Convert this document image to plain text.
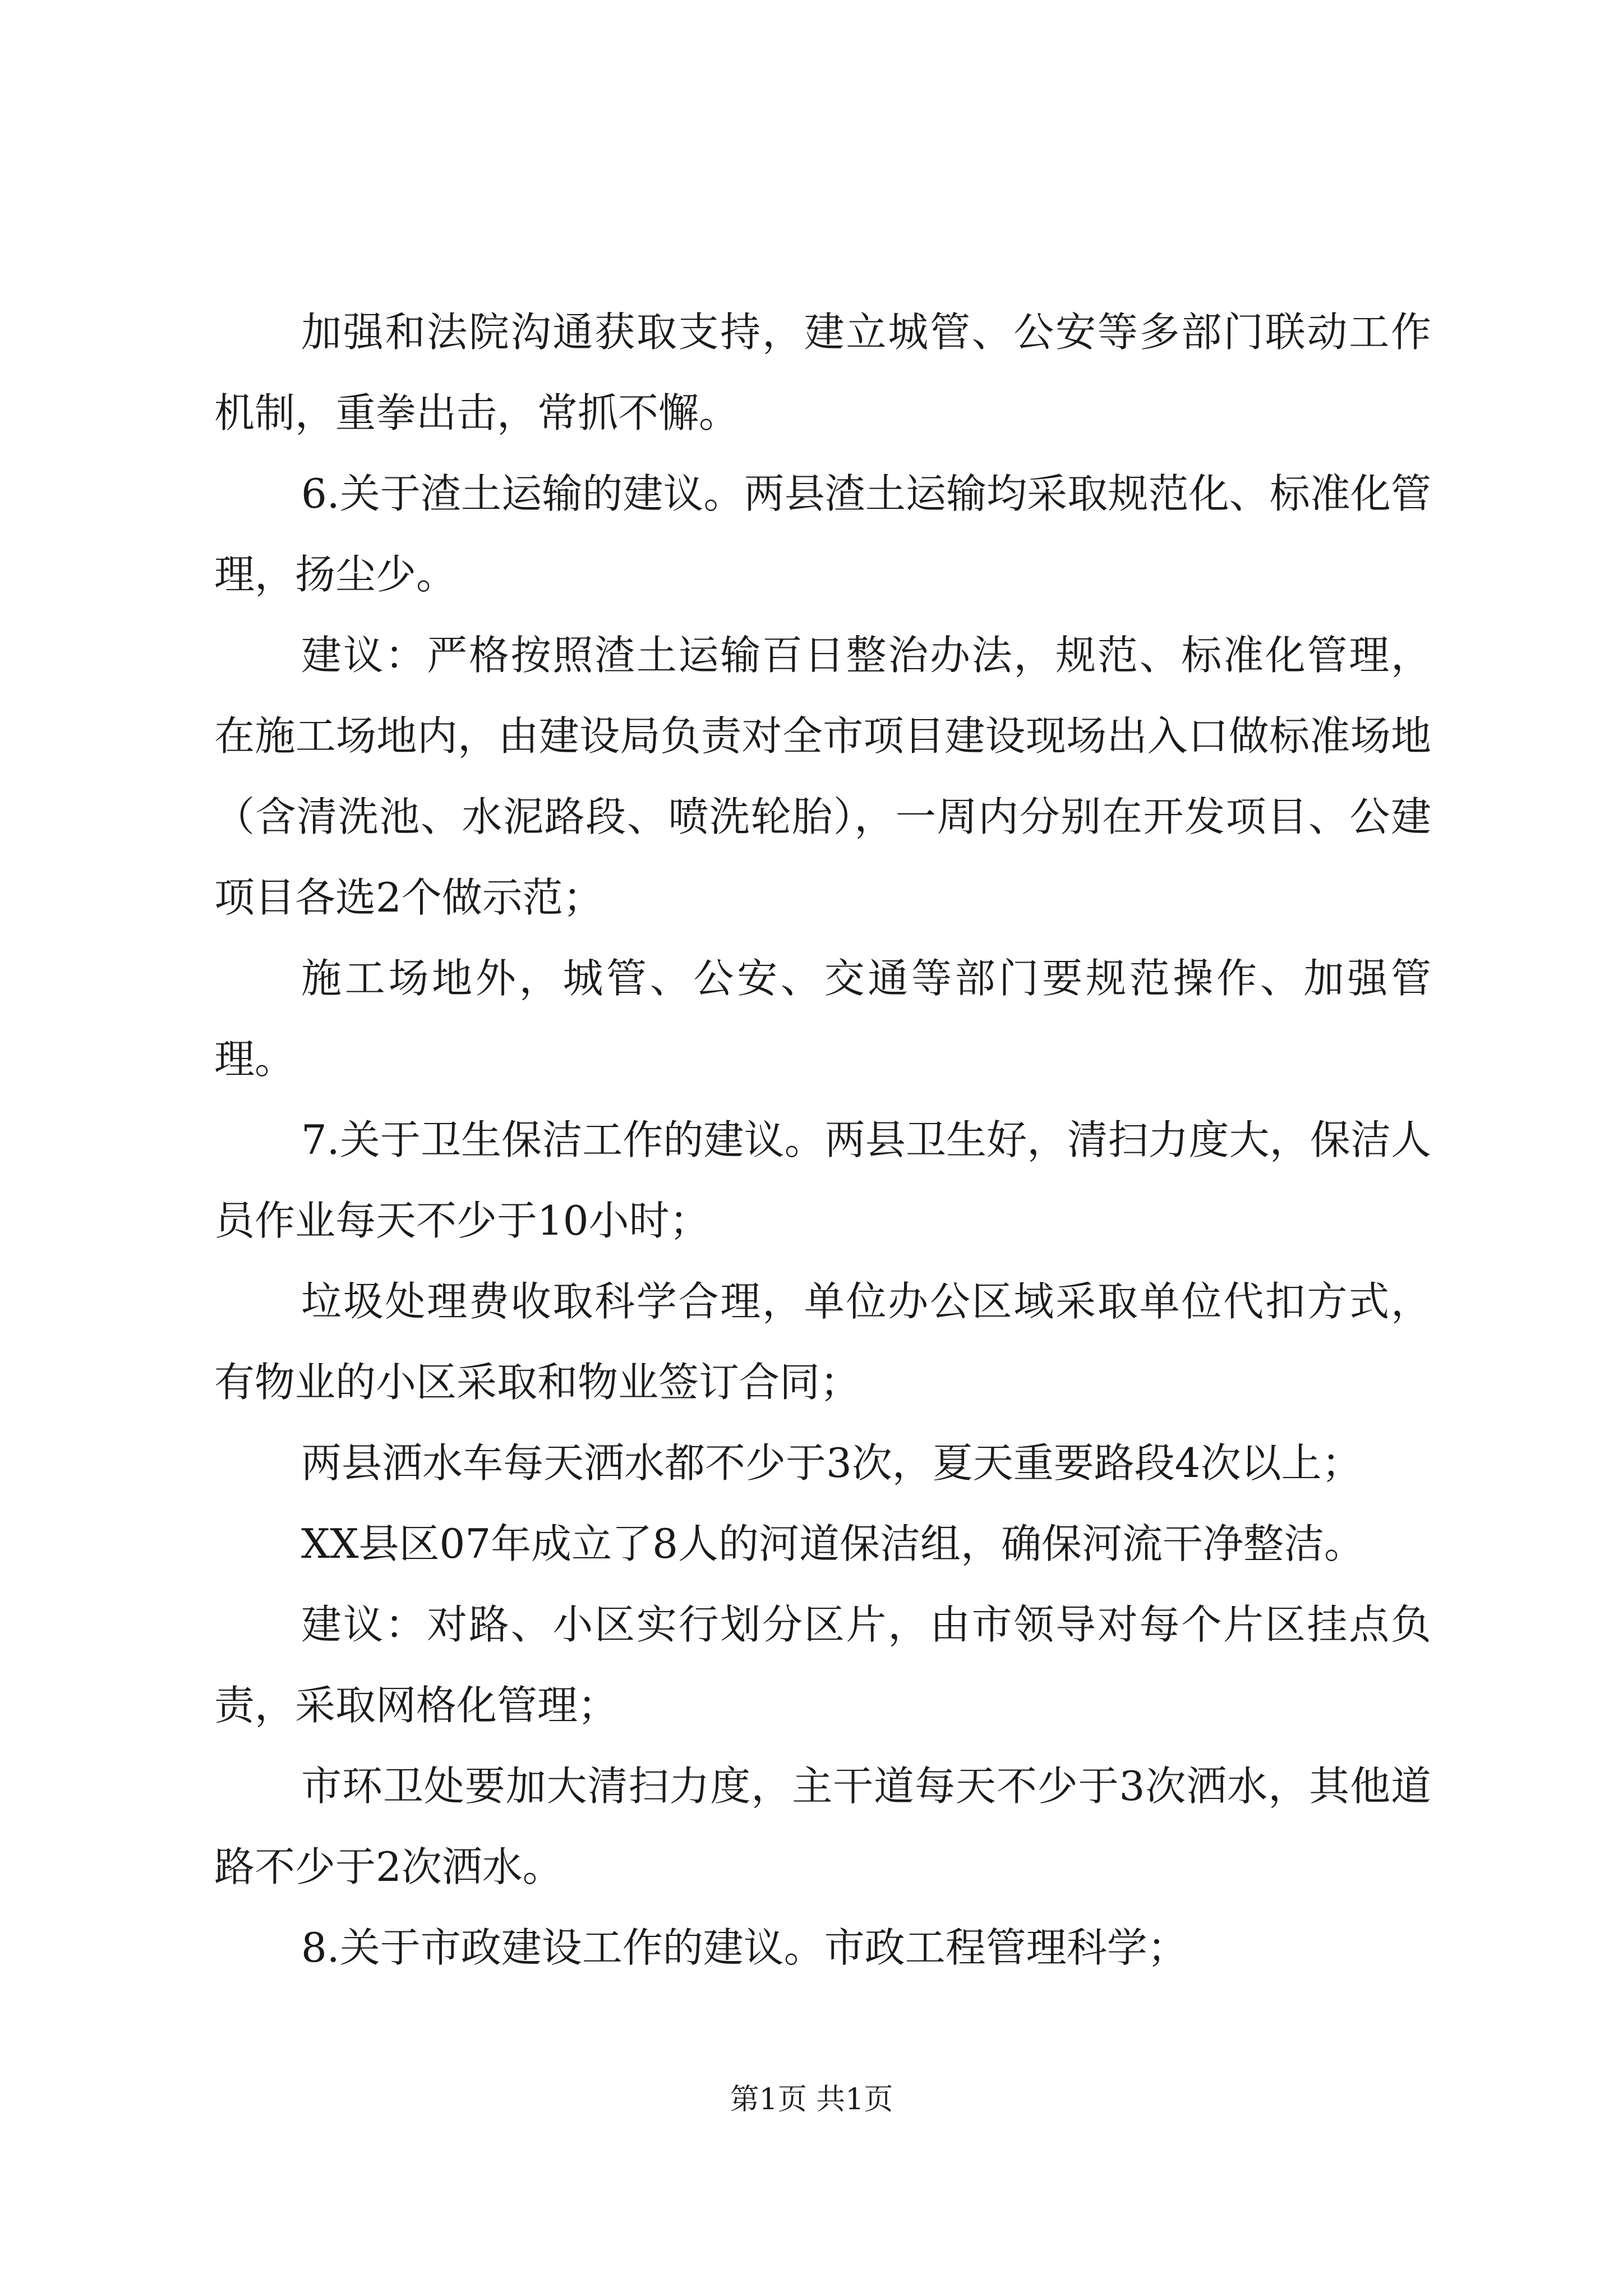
加强和法院沟通获取支持，建立城管、公安等多部门联动工作机制，重拳出击，常抓不懈。

6.关于渣土运输的建议。两县渣土运输均采取规范化、标准化管理，扬尘少。

建议：严格按照渣土运输百日整治办法，规范、标准化管理，在施工场地内，由建设局负责对全市项目建设现场出入口做标准场地（含清洗池、水泥路段、喷洗轮胎），一周内分别在开发项目、公建项目各选2个做示范；

施工场地外，城管、公安、交通等部门要规范操作、加强管理。

7.关于卫生保洁工作的建议。两县卫生好，清扫力度大，保洁人员作业每天不少于10小时；

垃圾处理费收取科学合理，单位办公区域采取单位代扣方式，有物业的小区采取和物业签订合同；

两县洒水车每天洒水都不少于3次，夏天重要路段4次以上；

XX县区07年成立了8人的河道保洁组，确保河流干净整洁。

建议：对路、小区实行划分区片，由市领导对每个片区挂点负责，采取网格化管理；

市环卫处要加大清扫力度，主干道每天不少于3次洒水，其他道路不少于2次洒水。

8.关于市政建设工作的建议。市政工程管理科学；

第1页 共1页
